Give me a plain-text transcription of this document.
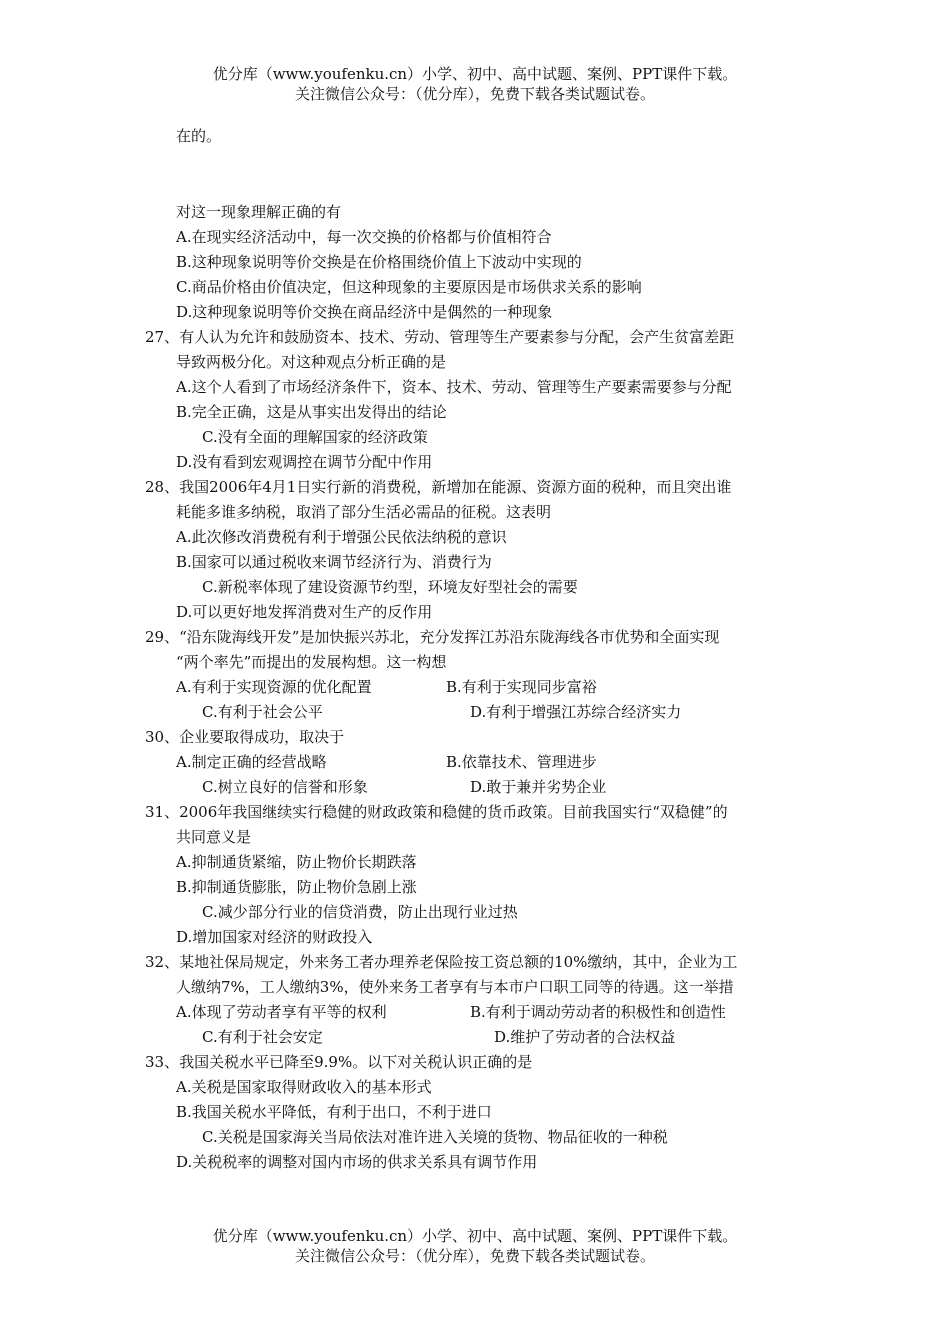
优分库（www.youfenku.cn）小学、初中、高中试题、案例、PPT课件下载。
关注微信公众号：（优分库），免费下载各类试题试卷。
在的。
对这一现象理解正确的有
A.在现实经济活动中，每一次交换的价格都与价值相符合
B.这种现象说明等价交换是在价格围绕价值上下波动中实现的
C.商品价格由价值决定，但这种现象的主要原因是市场供求关系的影响
D.这种现象说明等价交换在商品经济中是偶然的一种现象
27、有人认为允许和鼓励资本、技术、劳动、管理等生产要素参与分配，会产生贫富差距
导致两极分化。对这种观点分析正确的是
A.这个人看到了市场经济条件下，资本、技术、劳动、管理等生产要素需要参与分配
B.完全正确，这是从事实出发得出的结论
C.没有全面的理解国家的经济政策
D.没有看到宏观调控在调节分配中作用
28、我国2006年4月1日实行新的消费税，新增加在能源、资源方面的税种，而且突出谁
耗能多谁多纳税，取消了部分生活必需品的征税。这表明
A.此次修改消费税有利于增强公民依法纳税的意识
B.国家可以通过税收来调节经济行为、消费行为
C.新税率体现了建设资源节约型，环境友好型社会的需要
D.可以更好地发挥消费对生产的反作用
29、“沿东陇海线开发”是加快振兴苏北，充分发挥江苏沿东陇海线各市优势和全面实现
“两个率先”而提出的发展构想。这一构想
A.有利于实现资源的优化配置	B.有利于实现同步富裕
C.有利于社会公平	D.有利于增强江苏综合经济实力
30、企业要取得成功，取决于
A.制定正确的经营战略	B.依靠技术、管理进步
C.树立良好的信誉和形象	D.敢于兼并劣势企业
31、2006年我国继续实行稳健的财政政策和稳健的货币政策。目前我国实行“双稳健”的
共同意义是
A.抑制通货紧缩，防止物价长期跌落
B.抑制通货膨胀，防止物价急剧上涨
C.减少部分行业的信贷消费，防止出现行业过热
D.增加国家对经济的财政投入
32、某地社保局规定，外来务工者办理养老保险按工资总额的10%缴纳，其中，企业为工
人缴纳7%，工人缴纳3%，使外来务工者享有与本市户口职工同等的待遇。这一举措
A.体现了劳动者享有平等的权利	B.有利于调动劳动者的积极性和创造性
C.有利于社会安定	D.维护了劳动者的合法权益
33、我国关税水平已降至9.9%。以下对关税认识正确的是
A.关税是国家取得财政收入的基本形式
B.我国关税水平降低，有利于出口，不利于进口
C.关税是国家海关当局依法对准许进入关境的货物、物品征收的一种税
D.关税税率的调整对国内市场的供求关系具有调节作用
优分库（www.youfenku.cn）小学、初中、高中试题、案例、PPT课件下载。
关注微信公众号：（优分库），免费下载各类试题试卷。
